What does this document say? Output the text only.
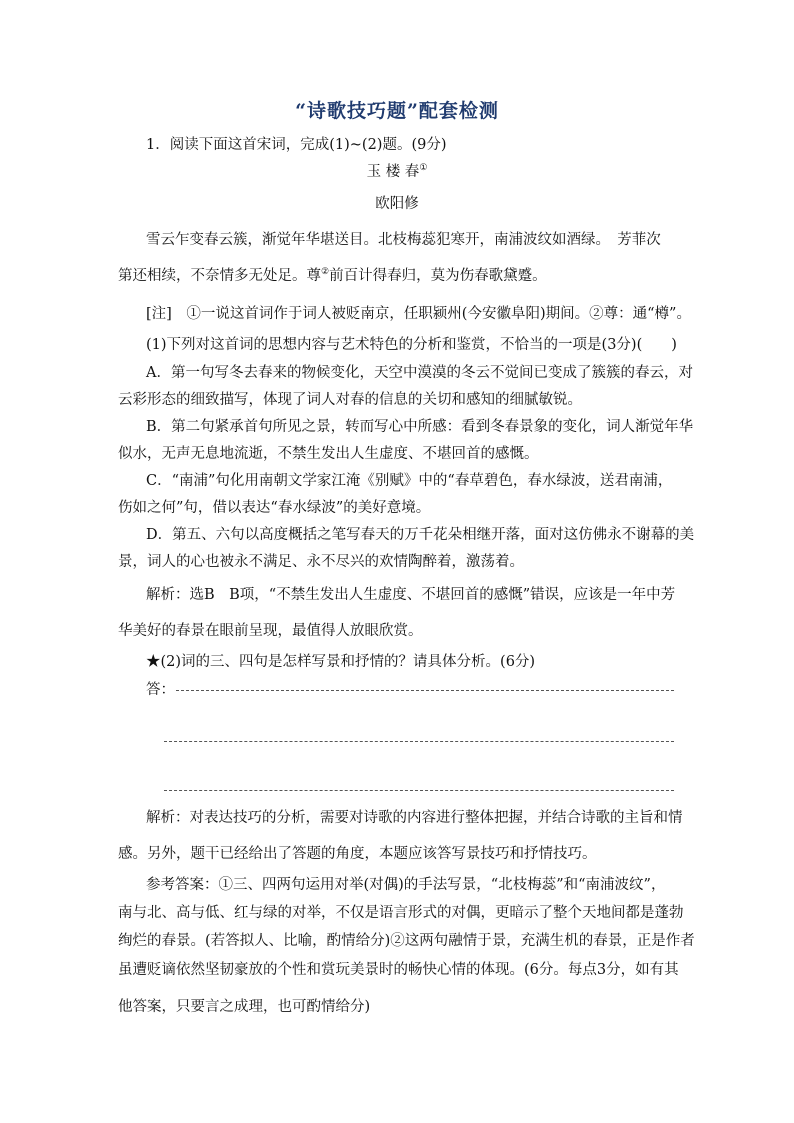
“诗歌技巧题”配套检测
1．阅读下面这首宋词，完成(1)~(2)题。(9分)
玉 楼 春①
欧阳修
雪云乍变春云簇，渐觉年华堪送目。北枝梅蕊犯寒开，南浦波纹如酒绿。　芳菲次
第还相续，不奈情多无处足。尊②前百计得春归，莫为伤春歌黛蹙。
[注]　①一说这首词作于词人被贬南京，任职颍州(今安徽阜阳)期间。②尊：通“樽”。
(1)下列对这首词的思想内容与艺术特色的分析和鉴赏，不恰当的一项是(3分)(　　)
A．第一句写冬去春来的物候变化，天空中漠漠的冬云不觉间已变成了簇簇的春云，对
云彩形态的细致描写，体现了词人对春的信息的关切和感知的细腻敏锐。
B．第二句紧承首句所见之景，转而写心中所感：看到冬春景象的变化，词人渐觉年华
似水，无声无息地流逝，不禁生发出人生虚度、不堪回首的感慨。
C．“南浦”句化用南朝文学家江淹《别赋》中的“春草碧色，春水绿波，送君南浦，
伤如之何”句，借以表达“春水绿波”的美好意境。
D．第五、六句以高度概括之笔写春天的万千花朵相继开落，面对这仿佛永不谢幕的美
景，词人的心也被永不满足、永不尽兴的欢情陶醉着，激荡着。
解析：选B　B项，“不禁生发出人生虚度、不堪回首的感慨”错误，应该是一年中芳
华美好的春景在眼前呈现，最值得人放眼欣赏。
★(2)词的三、四句是怎样写景和抒情的？请具体分析。(6分)
答：
解析：对表达技巧的分析，需要对诗歌的内容进行整体把握，并结合诗歌的主旨和情
感。另外，题干已经给出了答题的角度，本题应该答写景技巧和抒情技巧。
参考答案：①三、四两句运用对举(对偶)的手法写景，“北枝梅蕊”和“南浦波纹”，
南与北、高与低、红与绿的对举，不仅是语言形式的对偶，更暗示了整个天地间都是蓬勃
绚烂的春景。(若答拟人、比喻，酌情给分)②这两句融情于景，充满生机的春景，正是作者
虽遭贬谪依然坚韧豪放的个性和赏玩美景时的畅快心情的体现。(6分。每点3分，如有其
他答案，只要言之成理，也可酌情给分)
